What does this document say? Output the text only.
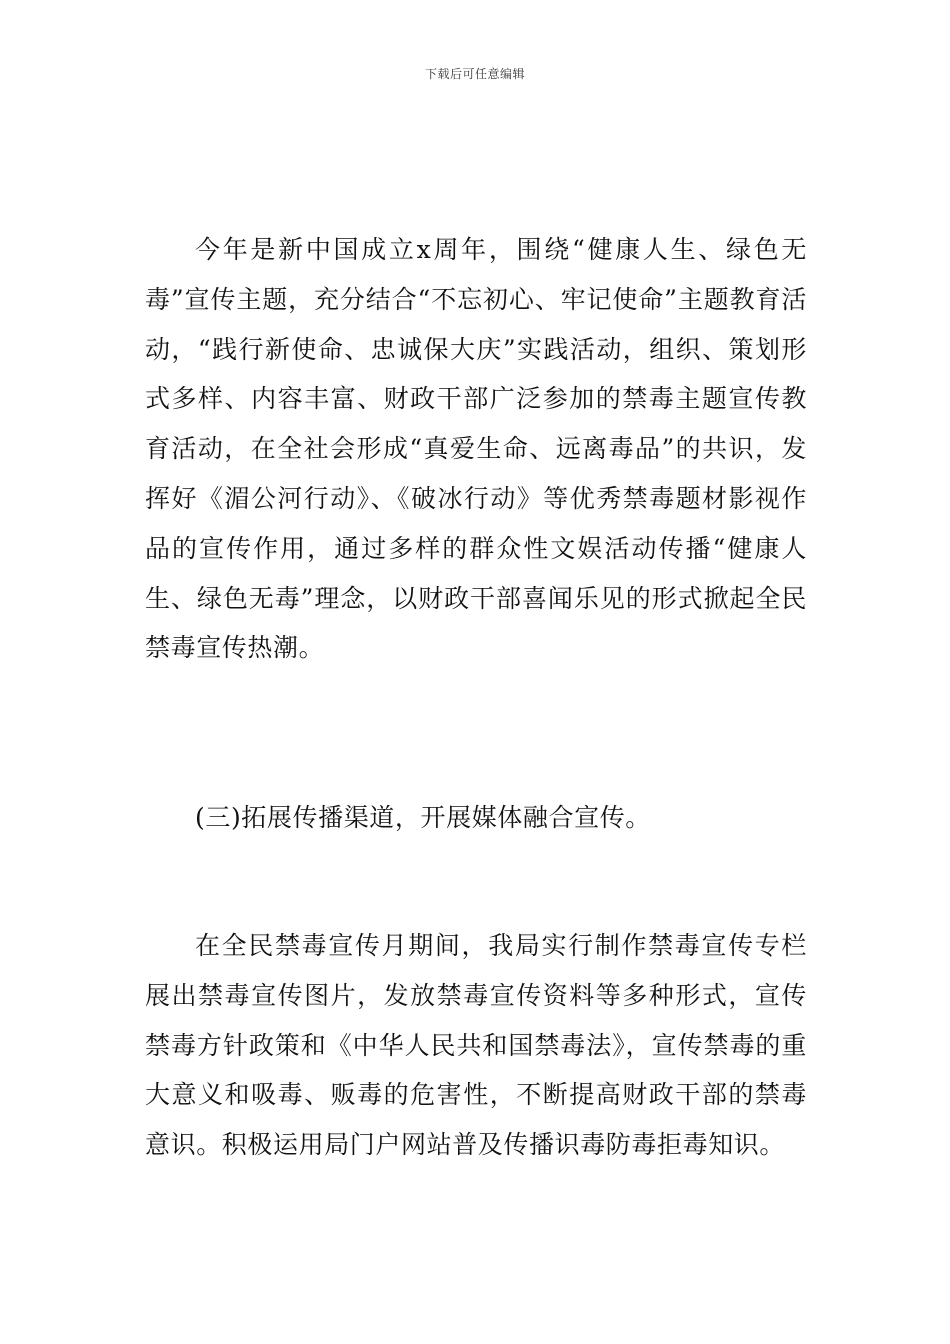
下载后可任意编辑

今年是新中国成立x周年，围绕“健康人生、绿色无毒”宣传主题，充分结合“不忘初心、牢记使命”主题教育活动，“践行新使命、忠诚保大庆”实践活动，组织、策划形式多样、内容丰富、财政干部广泛参加的禁毒主题宣传教育活动，在全社会形成“真爱生命、远离毒品”的共识，发挥好《湄公河行动》、《破冰行动》等优秀禁毒题材影视作品的宣传作用，通过多样的群众性文娱活动传播“健康人生、绿色无毒”理念，以财政干部喜闻乐见的形式掀起全民禁毒宣传热潮。

(三)拓展传播渠道，开展媒体融合宣传。

在全民禁毒宣传月期间，我局实行制作禁毒宣传专栏展出禁毒宣传图片，发放禁毒宣传资料等多种形式，宣传禁毒方针政策和《中华人民共和国禁毒法》，宣传禁毒的重大意义和吸毒、贩毒的危害性，不断提高财政干部的禁毒意识。积极运用局门户网站普及传播识毒防毒拒毒知识。
